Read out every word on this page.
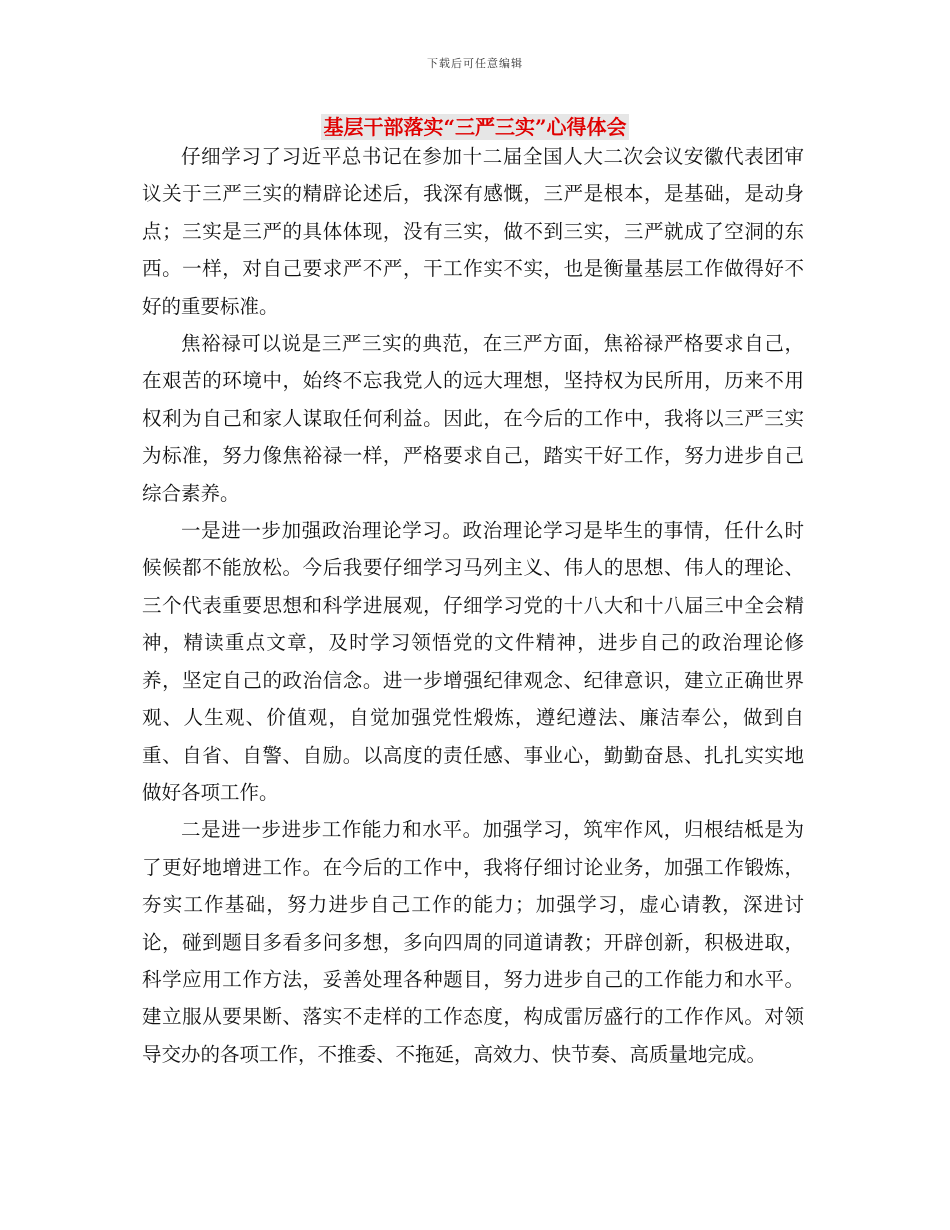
下载后可任意编辑
基层干部落实“三严三实”心得体会

仔细学习了习近平总书记在参加十二届全国人大二次会议安徽代表团审议关于三严三实的精辟论述后，我深有感慨，三严是根本，是基础，是动身点；三实是三严的具体体现，没有三实，做不到三实，三严就成了空洞的东西。一样，对自己要求严不严，干工作实不实，也是衡量基层工作做得好不好的重要标准。

焦裕禄可以说是三严三实的典范，在三严方面，焦裕禄严格要求自己，在艰苦的环境中，始终不忘我党人的远大理想，坚持权为民所用，历来不用权利为自己和家人谋取任何利益。因此，在今后的工作中，我将以三严三实为标准，努力像焦裕禄一样，严格要求自己，踏实干好工作，努力进步自己综合素养。

一是进一步加强政治理论学习。政治理论学习是毕生的事情，任什么时候候都不能放松。今后我要仔细学习马列主义、伟人的思想、伟人的理论、三个代表重要思想和科学进展观，仔细学习党的十八大和十八届三中全会精神，精读重点文章，及时学习领悟党的文件精神，进步自己的政治理论修养，坚定自己的政治信念。进一步增强纪律观念、纪律意识，建立正确世界观、人生观、价值观，自觉加强党性煅炼，遵纪遵法、廉洁奉公，做到自重、自省、自警、自励。以高度的责任感、事业心，勤勤奋恳、扎扎实实地做好各项工作。

二是进一步进步工作能力和水平。加强学习，筑牢作风，归根结柢是为了更好地增进工作。在今后的工作中，我将仔细讨论业务，加强工作锻炼，夯实工作基础，努力进步自己工作的能力；加强学习，虚心请教，深进讨论，碰到题目多看多问多想，多向四周的同道请教；开辟创新，积极进取，科学应用工作方法，妥善处理各种题目，努力进步自己的工作能力和水平。建立服从要果断、落实不走样的工作态度，构成雷厉盛行的工作作风。对领导交办的各项工作，不推委、不拖延，高效力、快节奏、高质量地完成。
